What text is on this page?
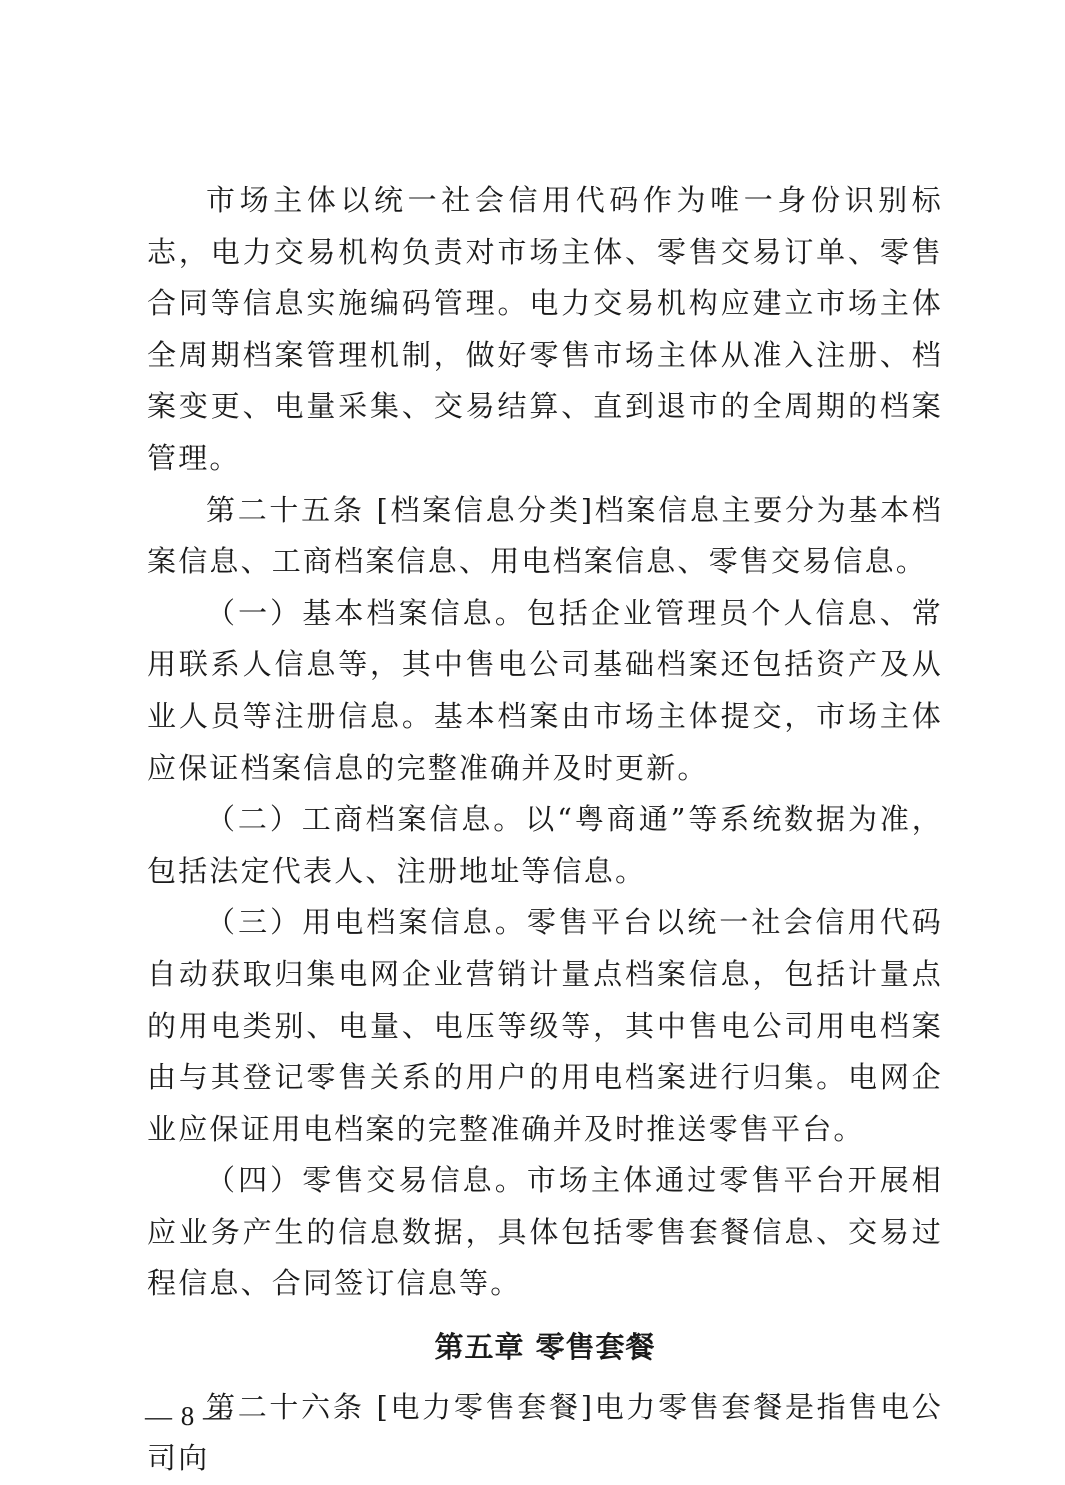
市场主体以统一社会信用代码作为唯一身份识别标志，电力交易机构负责对市场主体、零售交易订单、零售合同等信息实施编码管理。电力交易机构应建立市场主体全周期档案管理机制，做好零售市场主体从准入注册、档案变更、电量采集、交易结算、直到退市的全周期的档案管理。

第二十五条 [档案信息分类]档案信息主要分为基本档案信息、工商档案信息、用电档案信息、零售交易信息。

（一）基本档案信息。包括企业管理员个人信息、常用联系人信息等，其中售电公司基础档案还包括资产及从业人员等注册信息。基本档案由市场主体提交，市场主体应保证档案信息的完整准确并及时更新。

（二）工商档案信息。以“粤商通”等系统数据为准，包括法定代表人、注册地址等信息。

（三）用电档案信息。零售平台以统一社会信用代码自动获取归集电网企业营销计量点档案信息，包括计量点的用电类别、电量、电压等级等，其中售电公司用电档案由与其登记零售关系的用户的用电档案进行归集。电网企业应保证用电档案的完整准确并及时推送零售平台。

（四）零售交易信息。市场主体通过零售平台开展相应业务产生的信息数据，具体包括零售套餐信息、交易过程信息、合同签订信息等。

第五章 零售套餐

第二十六条 [电力零售套餐]电力零售套餐是指售电公司向

— 8 —
